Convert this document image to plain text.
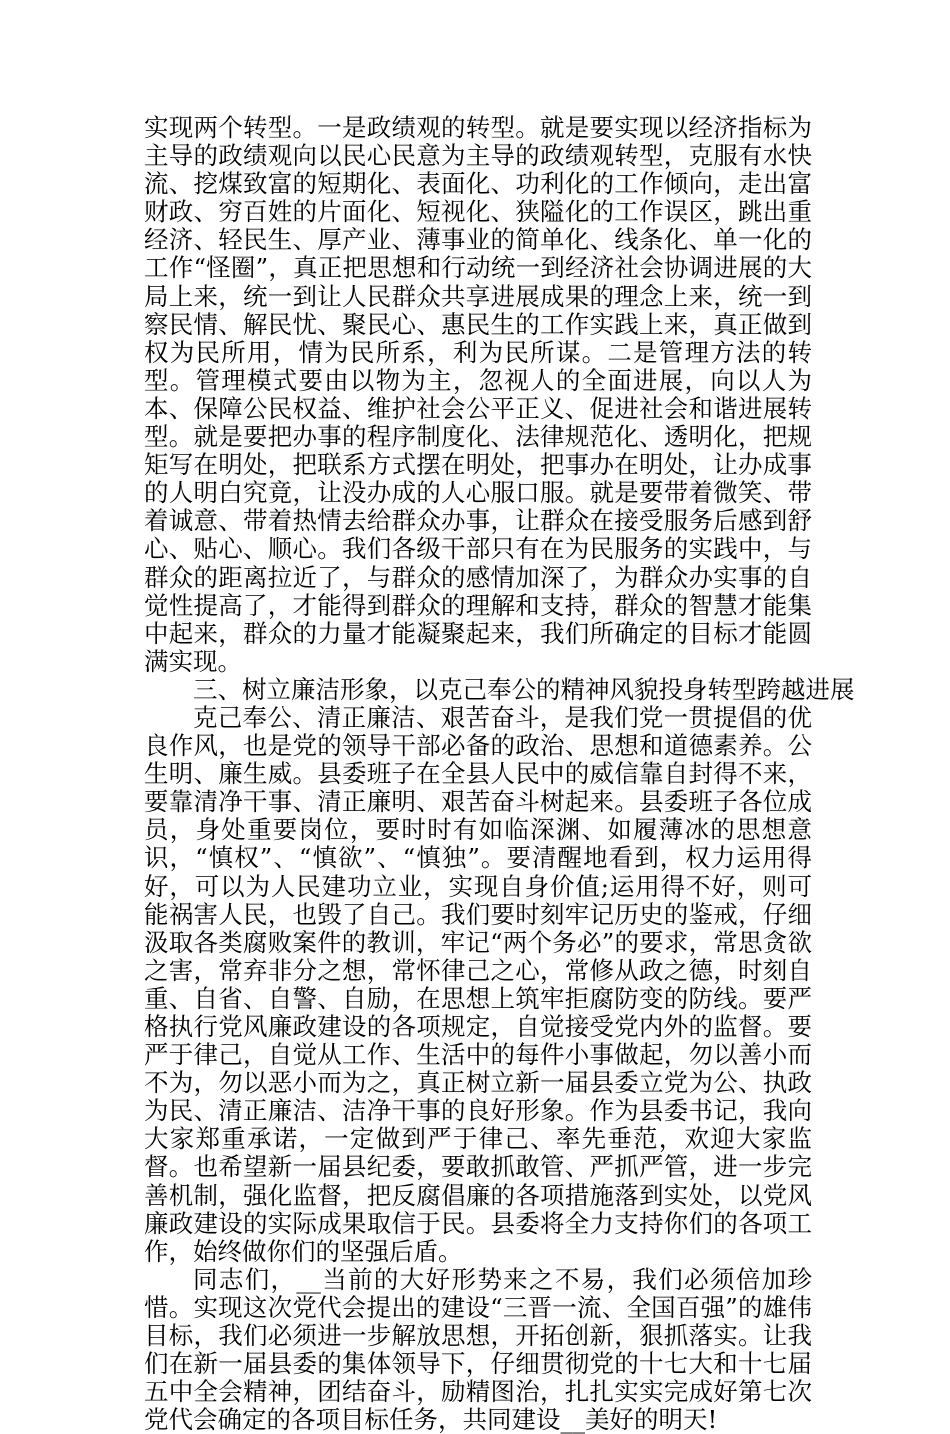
实现两个转型。一是政绩观的转型。就是要实现以经济指标为主导的政绩观向以民心民意为主导的政绩观转型，克服有水快流、挖煤致富的短期化、表面化、功利化的工作倾向，走出富财政、穷百姓的片面化、短视化、狭隘化的工作误区，跳出重经济、轻民生、厚产业、薄事业的简单化、线条化、单一化的工作“怪圈”，真正把思想和行动统一到经济社会协调进展的大局上来，统一到让人民群众共享进展成果的理念上来，统一到察民情、解民忧、聚民心、惠民生的工作实践上来，真正做到权为民所用，情为民所系，利为民所谋。二是管理方法的转型。管理模式要由以物为主，忽视人的全面进展，向以人为本、保障公民权益、维护社会公平正义、促进社会和谐进展转型。就是要把办事的程序制度化、法律规范化、透明化，把规矩写在明处，把联系方式摆在明处，把事办在明处，让办成事的人明白究竟，让没办成的人心服口服。就是要带着微笑、带着诚意、带着热情去给群众办事，让群众在接受服务后感到舒心、贴心、顺心。我们各级干部只有在为民服务的实践中，与群众的距离拉近了，与群众的感情加深了，为群众办实事的自觉性提高了，才能得到群众的理解和支持，群众的智慧才能集中起来，群众的力量才能凝聚起来，我们所确定的目标才能圆满实现。

三、树立廉洁形象，以克己奉公的精神风貌投身转型跨越进展

克己奉公、清正廉洁、艰苦奋斗，是我们党一贯提倡的优良作风，也是党的领导干部必备的政治、思想和道德素养。公生明、廉生威。县委班子在全县人民中的威信靠自封得不来，要靠清净干事、清正廉明、艰苦奋斗树起来。县委班子各位成员，身处重要岗位，要时时有如临深渊、如履薄冰的思想意识，“慎权”、“慎欲”、“慎独”。要清醒地看到，权力运用得好，可以为人民建功立业，实现自身价值;运用得不好，则可能祸害人民，也毁了自己。我们要时刻牢记历史的鉴戒，仔细汲取各类腐败案件的教训，牢记“两个务必”的要求，常思贪欲之害，常弃非分之想，常怀律己之心，常修从政之德，时刻自重、自省、自警、自励，在思想上筑牢拒腐防变的防线。要严格执行党风廉政建设的各项规定，自觉接受党内外的监督。要严于律己，自觉从工作、生活中的每件小事做起，勿以善小而不为，勿以恶小而为之，真正树立新一届县委立党为公、执政为民、清正廉洁、洁净干事的良好形象。作为县委书记，我向大家郑重承诺，一定做到严于律己、率先垂范，欢迎大家监督。也希望新一届县纪委，要敢抓敢管、严抓严管，进一步完善机制，强化监督，把反腐倡廉的各项措施落到实处，以党风廉政建设的实际成果取信于民。县委将全力支持你们的各项工作，始终做你们的坚强后盾。

同志们，__当前的大好形势来之不易，我们必须倍加珍惜。实现这次党代会提出的建设“三晋一流、全国百强”的雄伟目标，我们必须进一步解放思想，开拓创新，狠抓落实。让我们在新一届县委的集体领导下，仔细贯彻党的十七大和十七届五中全会精神，团结奋斗，励精图治，扎扎实实完成好第七次党代会确定的各项目标任务，共同建设__美好的明天!
